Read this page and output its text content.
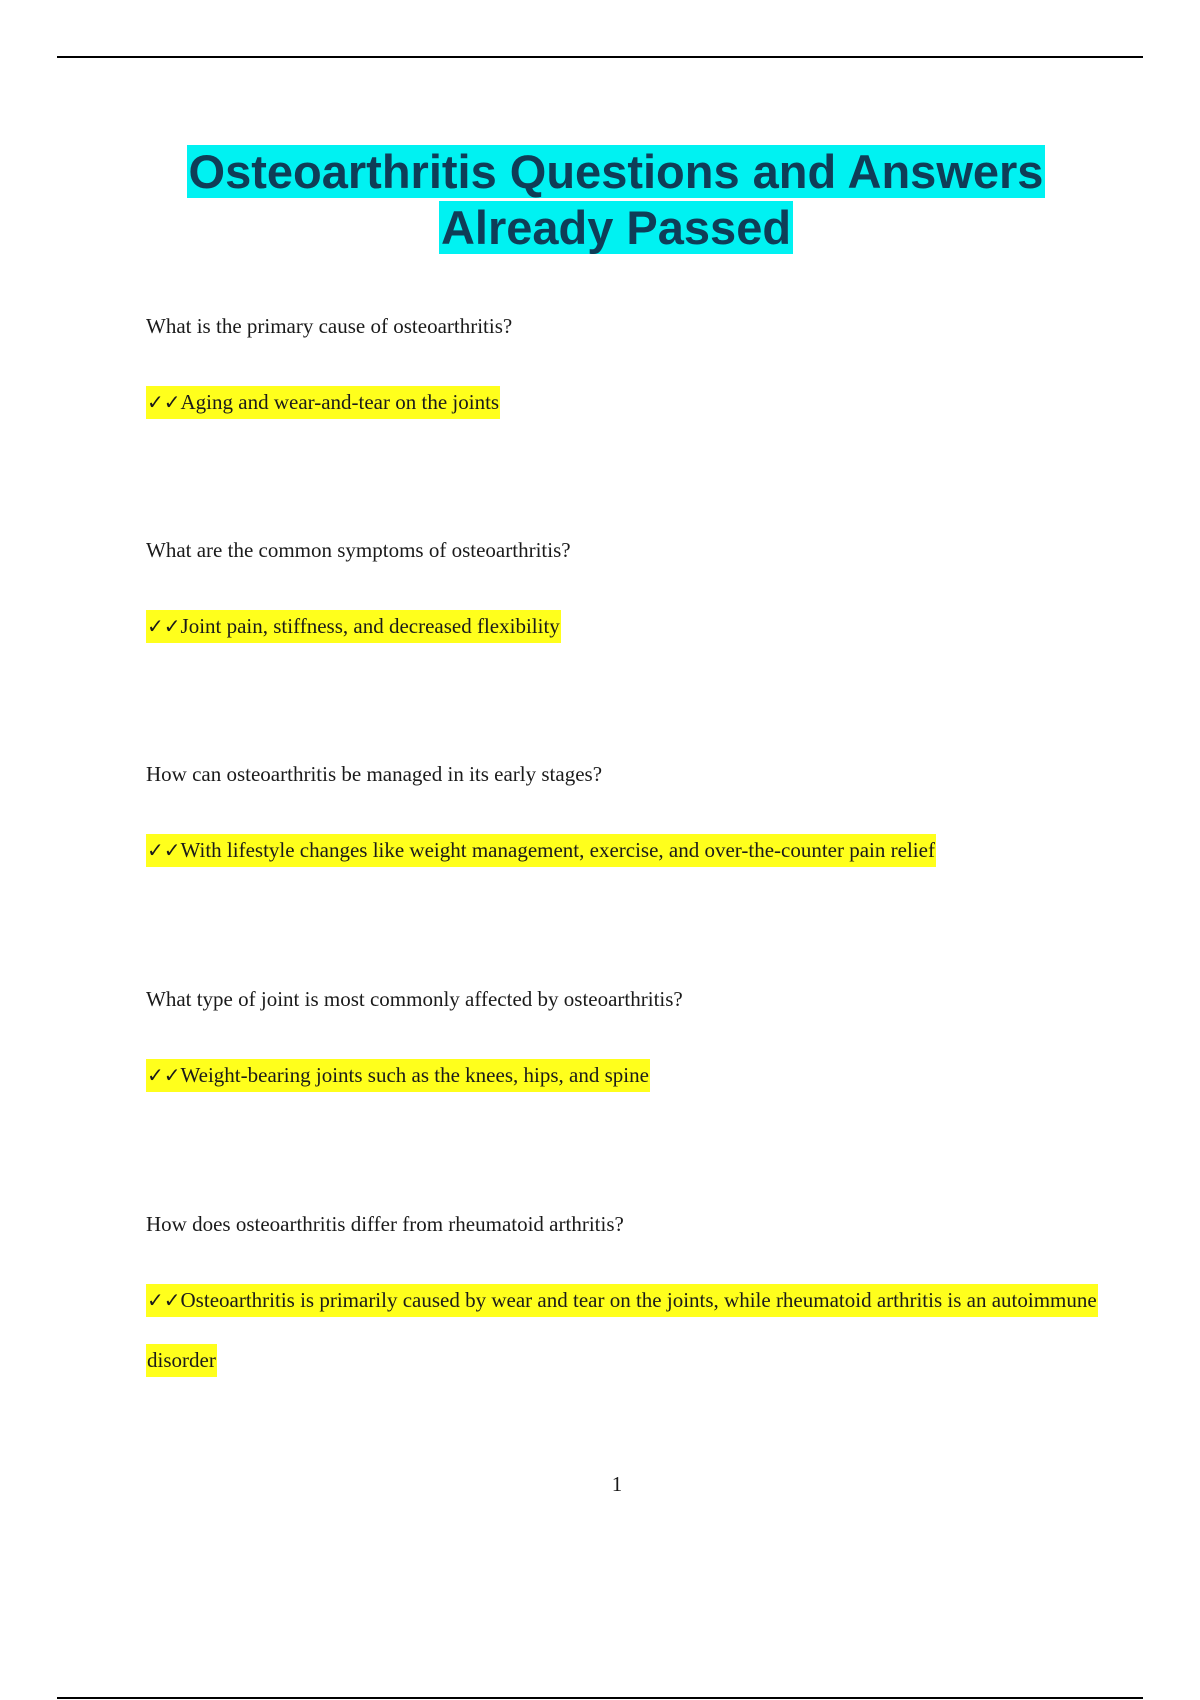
Osteoarthritis Questions and Answers
Already Passed
What is the primary cause of osteoarthritis?
✓✓Aging and wear-and-tear on the joints
What are the common symptoms of osteoarthritis?
✓✓Joint pain, stiffness, and decreased flexibility
How can osteoarthritis be managed in its early stages?
✓✓With lifestyle changes like weight management, exercise, and over-the-counter pain relief
What type of joint is most commonly affected by osteoarthritis?
✓✓Weight-bearing joints such as the knees, hips, and spine
How does osteoarthritis differ from rheumatoid arthritis?
✓✓Osteoarthritis is primarily caused by wear and tear on the joints, while rheumatoid arthritis is an autoimmune disorder
1
